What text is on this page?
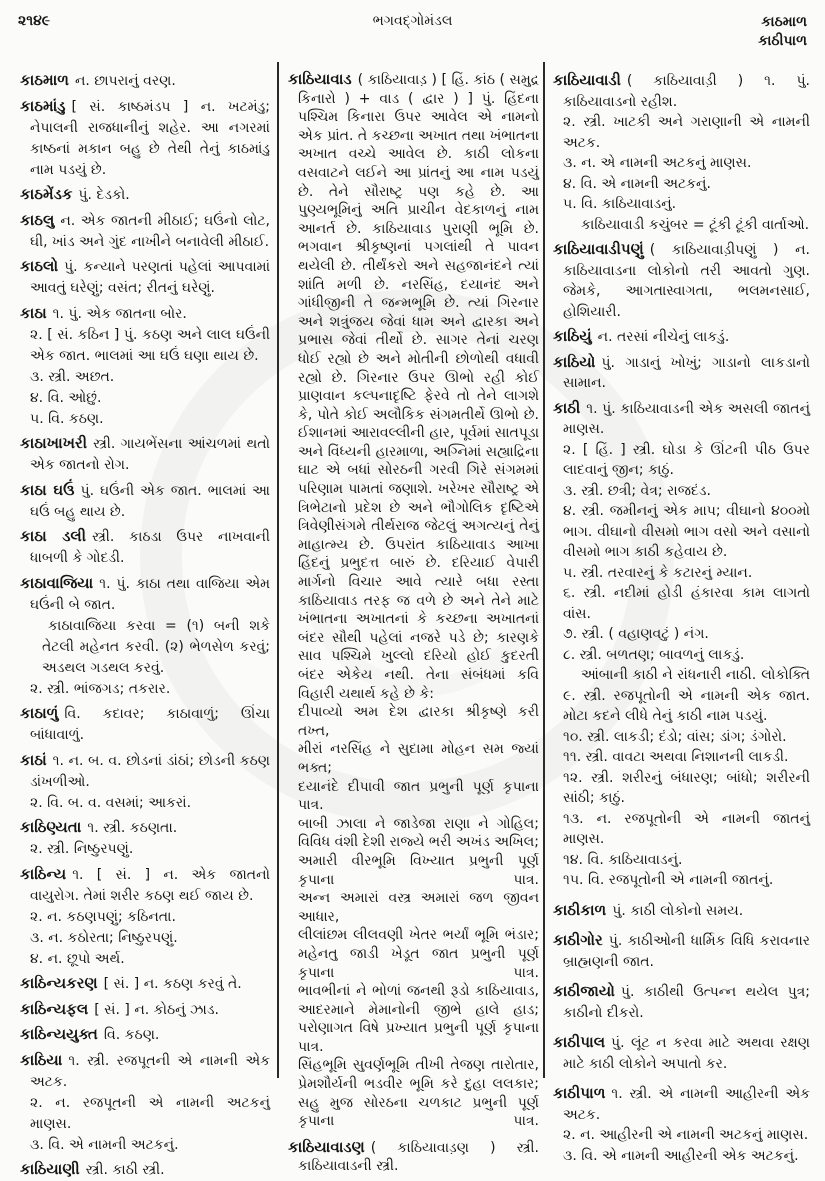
૨૧૪૯	ભગવદ્ગોમંડલ	કાઠમાળ
કાઠીપાળ

કાઠમાળ ન. છાપરાનું વરણ.

કાઠમાંડુ [ સં. કાષ્ઠમંડપ ] ન. ખટમંડુ; નેપાલની રાજધાનીનું શહેર. આ નગરમાં કાષ્ઠનાં મકાન બહુ છે તેથી તેનું કાઠમાંડુ નામ પડયું છે.

કાઠમેંડક પું. દેડકો.

કાઠલુ ન. એક જાતની મીઠાઈ; ઘઉંનો લોટ, ઘી, ખાંડ અને ગુંદ નાખીને બનાવેલી મીઠાઈ.

કાઠલો પું. કન્યાને પરણતાં પહેલાં આપવામાં આવતું ઘરેણું; વસંત; રીતનું ઘરેણું.

કાઠા ૧. પું. એક જાતના બોર.

૨. [ સં. કઠિન ] પું. કઠણ અને લાલ ઘઉંની એક જાત. ભાલમાં આ ઘઉં ઘણા થાય છે.

૩. સ્ત્રી. અછત.

૪. વિ. ઓછું.

૫. વિ. કઠણ.

કાઠાખાખરી સ્ત્રી. ગાયભેંસના આંચળમાં થતો એક જાતનો રોગ.

કાઠા ઘઉં પું. ઘઉંની એક જાત. ભાલમાં આ ઘઉં બહુ થાય છે.

કાઠા ડલી સ્ત્રી. કાઠડા ઉપર નાખવાની ધાબળી કે ગોદડી.

કાઠાવાજિયા ૧. પું. કાઠા તથા વાજિયા એમ ઘઉંની બે જાત.

કાઠાવાજિયા કરવા = (૧) બની શકે તેટલી મહેનત કરવી. (૨) ભેળસેળ કરવું; અડથલ ગડથલ કરવું.

૨. સ્ત્રી. ભાંજગડ; તકરાર.

કાઠાળું વિ. કદાવર; કાઠાવાળું; ઊંચા બાંધાવાળું.

કાઠાં ૧. ન. બ. વ. છોડનાં ડાંઠાં; છોડની કઠણ ડાંખળીઓ.

૨. વિ. બ. વ. વસમાં; આકરાં.

કાઠિણ્યતા ૧. સ્ત્રી. કઠણતા.

૨. સ્ત્રી. નિષ્ઠુરપણું.

કાઠિન્ય ૧. [ સં. ] ન. એક જાતનો વાયુરોગ. તેમાં શરીર કઠણ થઈ જાય છે.

૨. ન. કઠણપણું; કઠિનતા.

૩. ન. કઠોરતા; નિષ્ઠુરપણું.

૪. ન. છૂપો અર્થ.

કાઠિન્યકરણ [ સં. ] ન. કઠણ કરવું તે.

કાઠિન્યફલ [ સં. ] ન. કોઠનું ઝાડ.

કાઠિન્યયુક્ત વિ. કઠણ.

કાઠિયા ૧. સ્ત્રી. રજપૂતની એ નામની એક અટક.

૨. ન. રજપૂતની એ નામની અટકનું માણસ.

૩. વિ. એ નામની અટકનું.

કાઠિયાણી સ્ત્રી. કાઠી સ્ત્રી.

કાઠિયાવાડ ( કાઠિયાવાડ઼ ) [ હિં. કાંઠ ( સમુદ્ર કિનારો ) + વાડ ( દ્વાર ) ] પું. હિંદના પશ્ચિમ કિનારા ઉપર આવેલ એ નામનો એક પ્રાંત. તે કચ્છના અખાત તથા ખંભાતના અખાત વચ્ચે આવેલ છે. કાઠી લોકના વસવાટને લઈને આ પ્રાંતનું આ નામ પડયું છે. તેને સૌરાષ્ટ્ર પણ કહે છે. આ પુણ્યભૂમિનું અતિ પ્રાચીન વેદકાળનું નામ આનર્ત છે. કાઠિયાવાડ પુરાણી ભૂમિ છે. ભગવાન શ્રીકૃષ્ણનાં પગલાંથી તે પાવન થયેલી છે. તીર્થંકરો અને સહજાનંદને ત્યાં શાંતિ મળી છે. નરસિંહ, દયાનંદ અને ગાંધીજીની તે જન્મભૂમિ છે. ત્યાં ગિરનાર અને શત્રુંજય જેવાં ધામ અને દ્વારકા અને પ્રભાસ જેવાં તીર્થો છે. સાગર તેનાં ચરણ ધોઈ રહ્યો છે અને મોતીની છોળોથી વધાવી રહ્યો છે. ગિરનાર ઉપર ઊભો રહી કોઈ પ્રાણવાન કલ્પનાદૃષ્ટિ ફેરવે તો તેને લાગશે કે, પોતે કોઈ અલૌકિક સંગમતીર્થે ઊભો છે. ઈશાનમાં આરાવલ્લીની હાર, પૂર્વમાં સાતપૂડા અને વિંધ્યની હારમાળા, અગ્નિમાં સહ્યાદ્રિના ઘાટ એ બધાં સોરઠની ગરવી ગિરે સંગમમાં પરિણામ પામતાં જણાશે. ખરેખર સૌરાષ્ટ્ર એ ત્રિભેટાનો પ્રદેશ છે અને ભૌગોલિક દૃષ્ટિએ ત્રિવેણીસંગમે તીર્થરાજ જેટલું અગત્યનું તેનું માહાત્મ્ય છે. ઉપરાંત કાઠિયાવાડ આખા હિંદનું પ્રભુદત્ત બારું છે. દરિયાઈ વેપારી માર્ગનો વિચાર આવે ત્યારે બધા રસ્તા કાઠિયાવાડ તરફ જ વળે છે અને તેને માટે ખંભાતના અખાતનાં કે કચ્છના અખાતનાં બંદર સૌથી પહેલાં નજરે પડે છે; કારણકે સાવ પશ્ચિમે ખુલ્લો દરિયો હોઈ કુદરતી બંદર એકેય નથી. તેના સંબંધમાં કવિ વિહારી યથાર્થ કહે છે કે:

દીપાવ્યો અમ દેશ દ્વારકા શ્રીકૃષ્ણે કરી તખ્ત,

મીરાં નરસિંહ ને સુદામા મોહન સમ જ્યાં ભક્ત;

દયાનંદે દીપાવી જાત પ્રભુની પૂર્ણ કૃપાના પાત્ર.

બાબી ઝાલા ને જાડેજા રાણા ને ગોહિલ;

વિવિધ વંશી દેશી રાજ્યે ભરી અખંડ અખિલ;

અમારી વીરભૂમિ વિખ્યાત પ્રભુની પૂર્ણ કૃપાના પાત્ર.

અન્ન અમારાં વસ્ત્ર અમારાં જળ જીવન આધાર,

લીલાંછમ લીલવણી ખેતર ભર્યાં ભૂમિ ભંડાર;

મહેનતુ જાડી ખેડૂત જાત પ્રભુની પૂર્ણ કૃપાના પાત્ર.

ભાવભીનાં ને ભોળાં જનથી રૂડો કાઠિયાવાડ,

આદરમાને મેમાનોની જીભે હાલે હાડ;

પરોણાગત વિષે પ્રખ્યાત પ્રભુની પૂર્ણ કૃપાના પાત્ર.

સિંહભૂમિ સુવર્ણભૂમિ તીખી તેજણ તારોતાર,

પ્રેમશૌર્યની ભડવીર ભૂમિ કરે દુહા લલકાર;

સહુ મુજ સોરઠના ચળકાટ પ્રભુની પૂર્ણ કૃપાના પાત્ર.

કાઠિયાવાડણ ( કાઠિયાવાડ઼ણ ) સ્ત્રી. કાઠિયાવાડની સ્ત્રી.

કાઠિયાવાડી ( કાઠિયાવાડ઼ી ) ૧. પું. કાઠિયાવાડનો રહીશ.

૨. સ્ત્રી. ખાટકી અને ગરાણાની એ નામની અટક.

૩. ન. એ નામની અટકનું માણસ.

૪. વિ. એ નામની અટકનું.

૫. વિ. કાઠિયાવાડનું.

કાઠિયાવાડી કચુંબર = ટૂંકી ટૂંકી વાર્તાઓ.

કાઠિયાવાડીપણું ( કાઠિયાવાડ઼ીપણું ) ન. કાઠિયાવાડના લોકોનો તરી આવતો ગુણ. જેમકે, આગતાસ્વાગતા, ભલમનસાઈ, હોશિયારી.

કાઠિયું ન. તરસાં નીચેનું લાકડું.

કાઠિયો પું. ગાડાનું ખોખું; ગાડાનો લાકડાનો સામાન.

કાઠી ૧. પું. કાઠિયાવાડની એક અસલી જાતનું માણસ.

૨. [ હિં. ] સ્ત્રી. ઘોડા કે ઊંટની પીઠ ઉપર લાદવાનું જીન; કાઠું.

૩. સ્ત્રી. છત્રી; વેત્ર; રાજદંડ.

૪. સ્ત્રી. જમીનનું એક માપ; વીઘાનો ૪૦૦મો ભાગ. વીઘાનો વીસમો ભાગ વસો અને વસાનો વીસમો ભાગ કાઠી કહેવાય છે.

૫. સ્ત્રી. તરવારનું કે કટારનું મ્યાન.

૬. સ્ત્રી. નદીમાં હોડી હંકારવા કામ લાગતો વાંસ.

૭. સ્ત્રી. ( વહાણવટું ) નંગ.

૮. સ્ત્રી. બળતણ; બાવળનું લાકડું.

આંબાની કાઠી ને રાંધનારી નાઠી. લોકોક્તિ

૯. સ્ત્રી. રજપૂતોની એ નામની એક જાત. મોટા કદને લીધે તેનું કાઠી નામ પડયું.

૧૦. સ્ત્રી. લાકડી; દંડો; વાંસ; ડાંગ; ડંગોરો.

૧૧. સ્ત્રી. વાવટા અથવા નિશાનની લાકડી.

૧૨. સ્ત્રી. શરીરનું બંધારણ; બાંધો; શરીરની સાંઠી; કાઠું.

૧૩. ન. રજપૂતોની એ નામની જાતનું માણસ.

૧૪. વિ. કાઠિયાવાડનું.

૧૫. વિ. રજપૂતોની એ નામની જાતનું.

કાઠીકાળ પું. કાઠી લોકોનો સમય.

કાઠીગોર પું. કાઠીઓની ધાર્મિક વિધિ કરાવનાર બ્રાહ્મણની જાત.

કાઠીજાયો પું. કાઠીથી ઉત્પન્ન થયેલ પુત્ર; કાઠીનો દીકરો.

કાઠીપાલ પું. લૂંટ ન કરવા માટે અથવા રક્ષણ માટે કાઠી લોકોને અપાતો કર.

કાઠીપાળ ૧. સ્ત્રી. એ નામની આહીરની એક અટક.

૨. ન. આહીરની એ નામની અટકનું માણસ.

૩. વિ. એ નામની આહીરની એક અટકનું.
